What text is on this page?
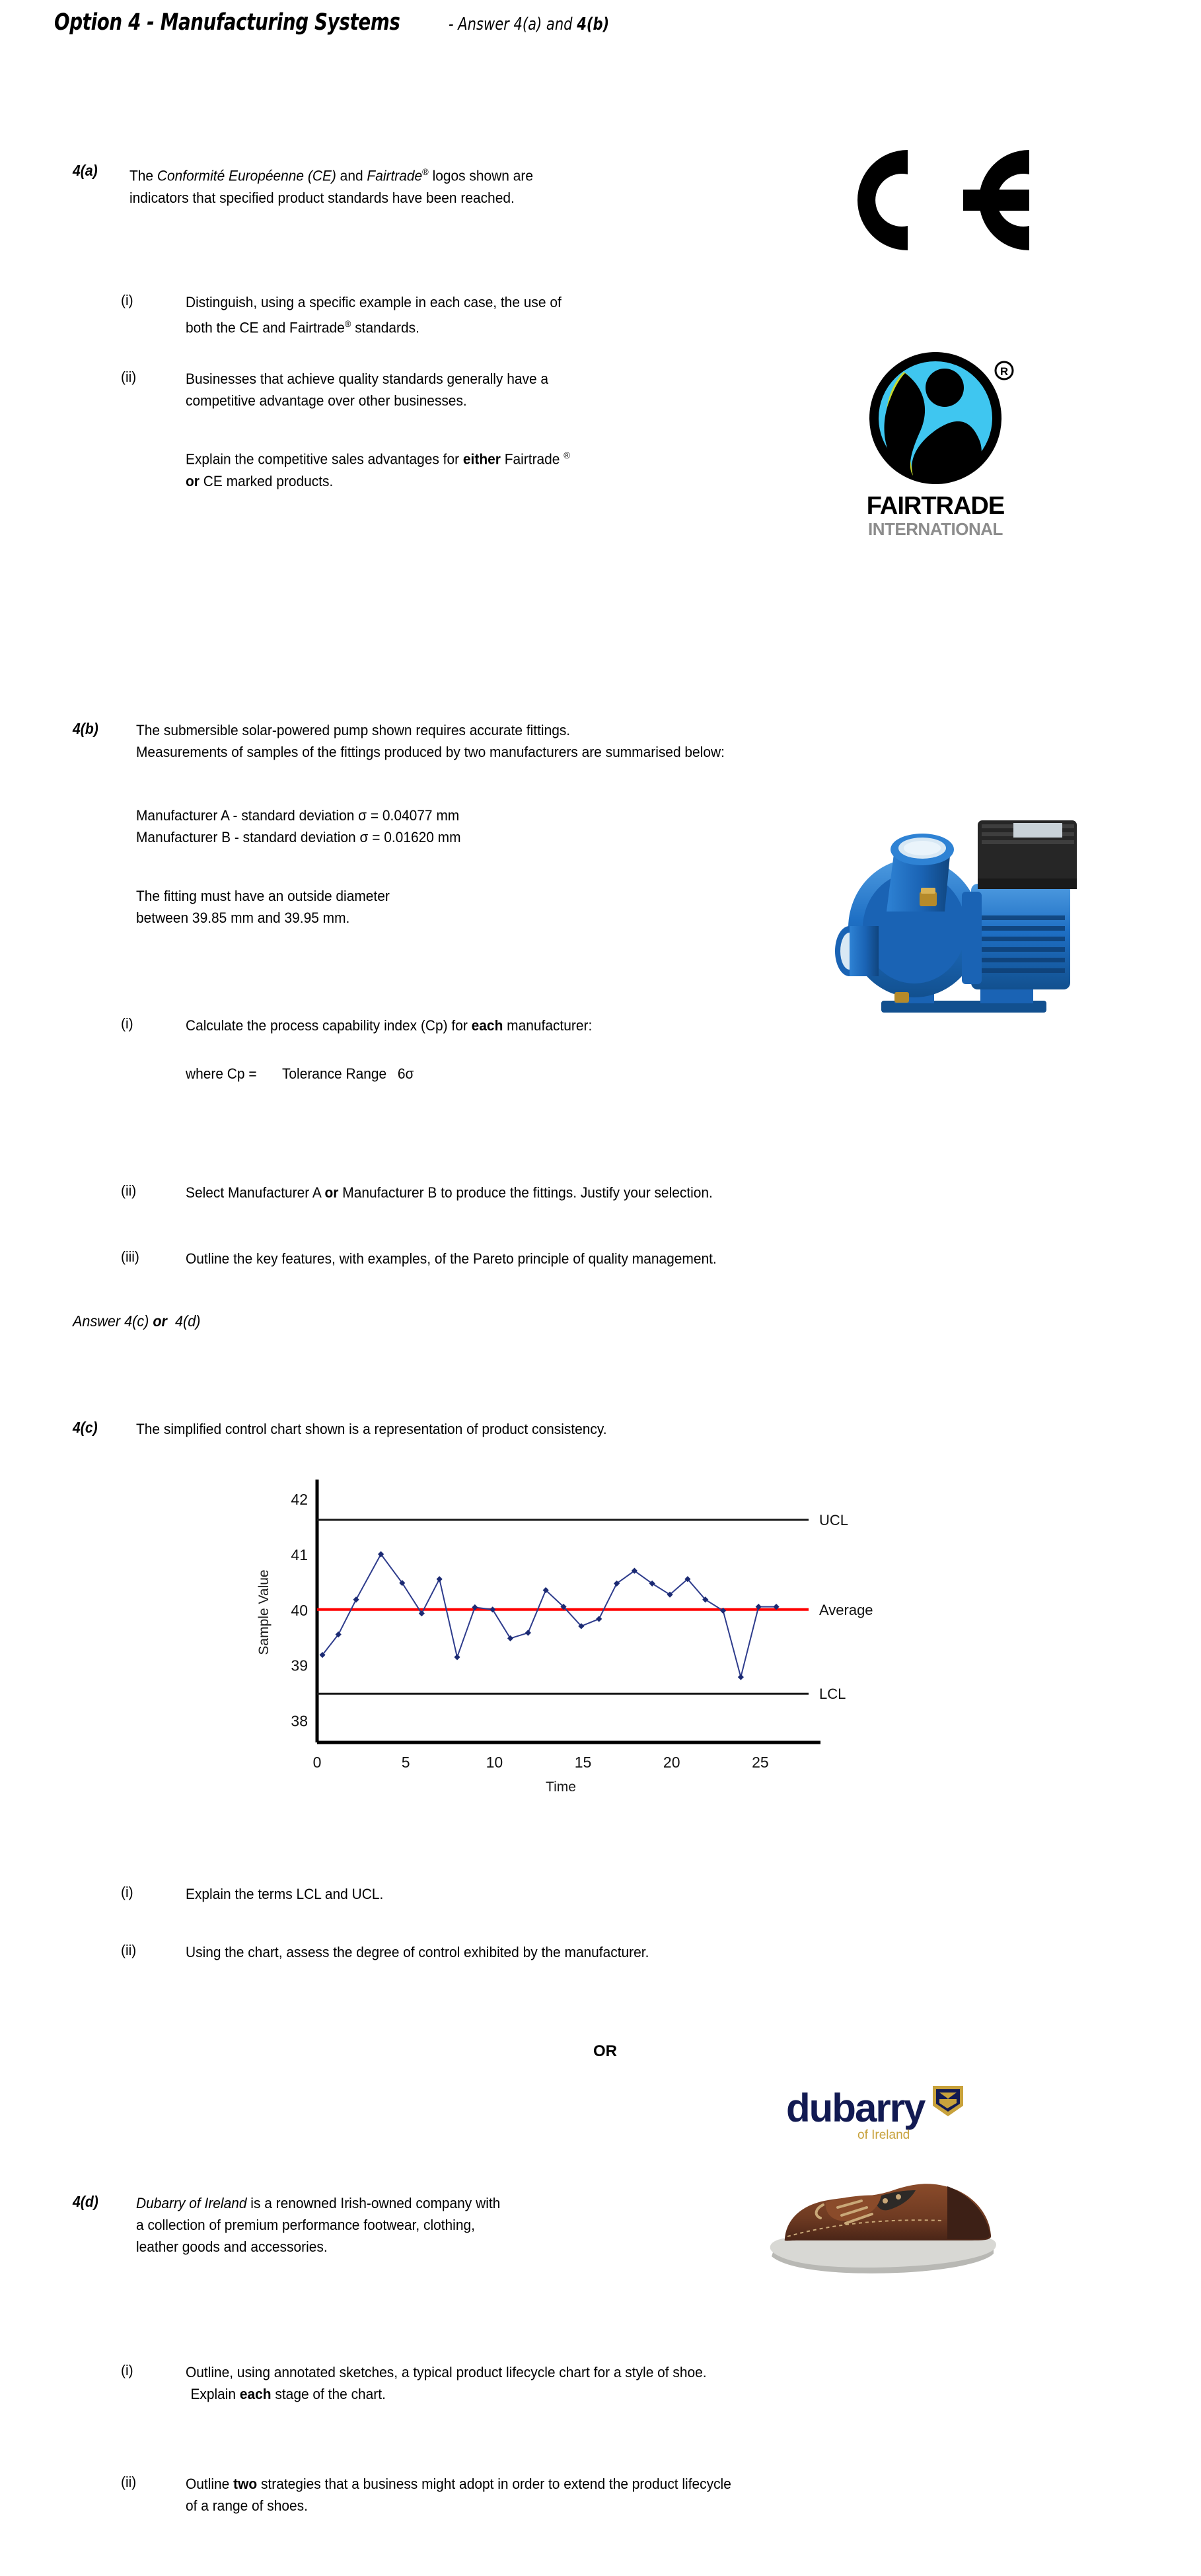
Option 4 - Manufacturing Systems	- Answer 4(a) and 4(b)
4(a) The Conformité Européenne (CE) and Fairtrade® logos shown are
indicators that specified product standards have been reached.
(i)	Distinguish, using a specific example in each case, the use of
both the CE and Fairtrade® standards.
(ii)	Businesses that achieve quality standards generally have a
competitive advantage over other businesses.
Explain the competitive sales advantages for either Fairtrade ®
or CE marked products.
R
FAIRTRADE
INTERNATIONAL
4(b)	The submersible solar-powered pump shown requires accurate fittings.
Measurements of samples of the fittings produced by two manufacturers are summarised below:
Manufacturer A - standard deviation σ = 0.04077 mm
Manufacturer B - standard deviation σ = 0.01620 mm
The fitting must have an outside diameter
between 39.85 mm and 39.95 mm.
(i)	Calculate the process capability index (Cp) for each manufacturer:
where Cp =	Tolerance Range 6σ
(ii)	Select Manufacturer A or Manufacturer B to produce the fittings. Justify your selection.
(iii)	Outline the key features, with examples, of the Pareto principle of quality management.
Answer 4(c) or 4(d)
4(c)	The simplified control chart shown is a representation of product consistency.
38
39
40
41
42
0	5	10	15	20	25
Time
Sample Value
UCL
Average
LCL
(i)	Explain the terms LCL and UCL.
(ii)	Using the chart, assess the degree of control exhibited by the manufacturer.
OR
dubarry
of Ireland
4(d)	Dubarry of Ireland is a renowned Irish-owned company with
a collection of premium performance footwear, clothing,
leather goods and accessories.
(i)	Outline, using annotated sketches, a typical product lifecycle chart for a style of shoe.
Explain each stage of the chart.
(ii)	Outline two strategies that a business might adopt in order to extend the product lifecycle
of a range of shoes.
